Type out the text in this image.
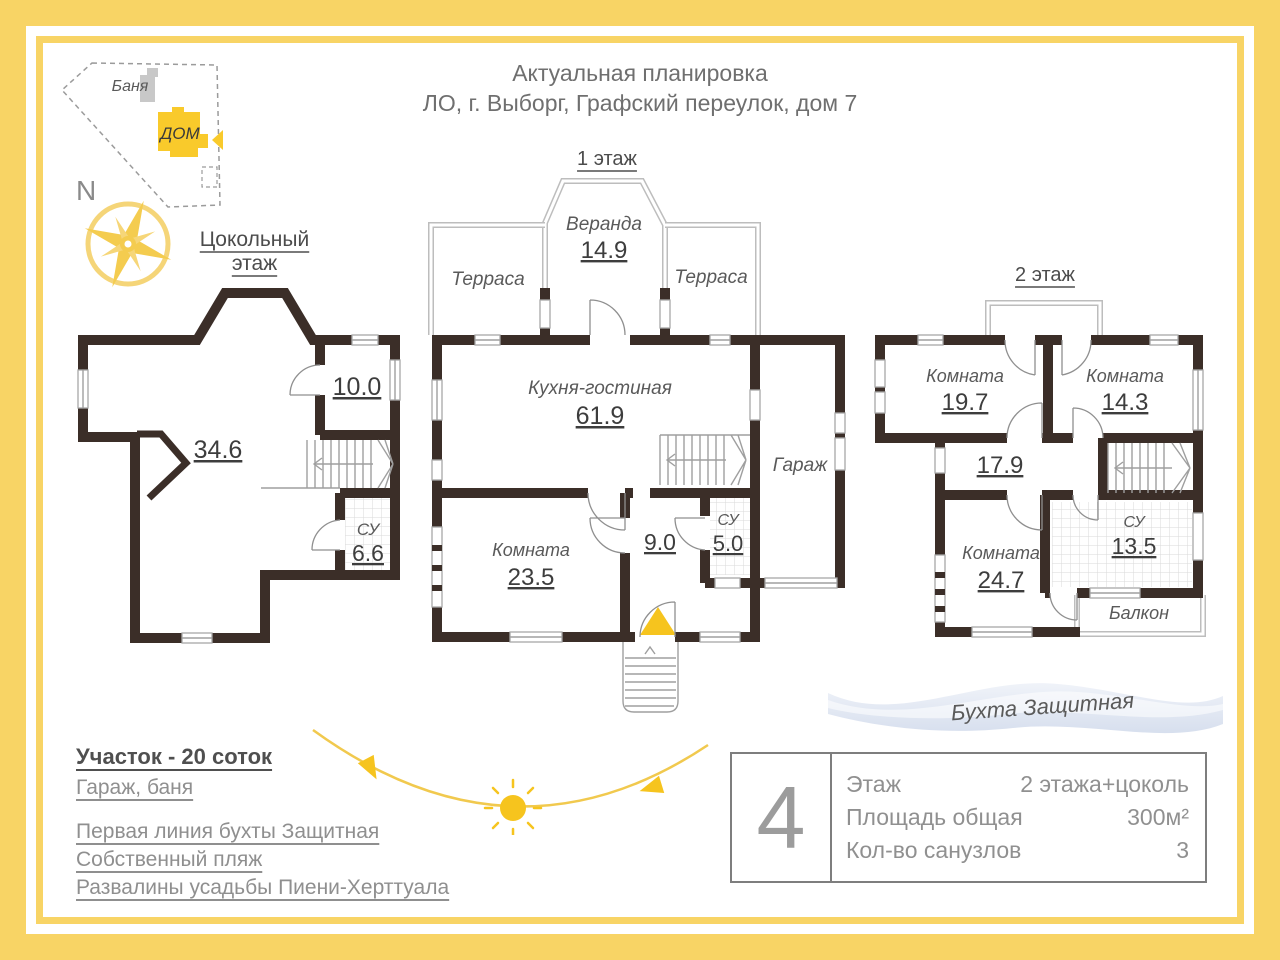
Актуальная планировка
ЛО, г. Выборг, Графский переулок, дом 7
Баня
ДОМ
N
Цокольный
этаж
34.6
10.0
СУ
6.6
1 этаж
Веранда
14.9
Терраса	Терраса
Кухня-гостиная
61.9
Гараж
Комната
23.5
9.0
СУ
5.0
2 этаж
Комната
19.7
Комната
14.3
17.9
Комната
24.7
СУ
13.5
Балкон
Бухта Защитная
Участок - 20 соток
Гараж, баня
Первая линия бухты Защитная
Собственный пляж
Развалины усадьбы Пиени-Херттуала
4	Этаж	2 этажа+цоколь
Площадь общая	300м²
Кол-во санузлов	3
